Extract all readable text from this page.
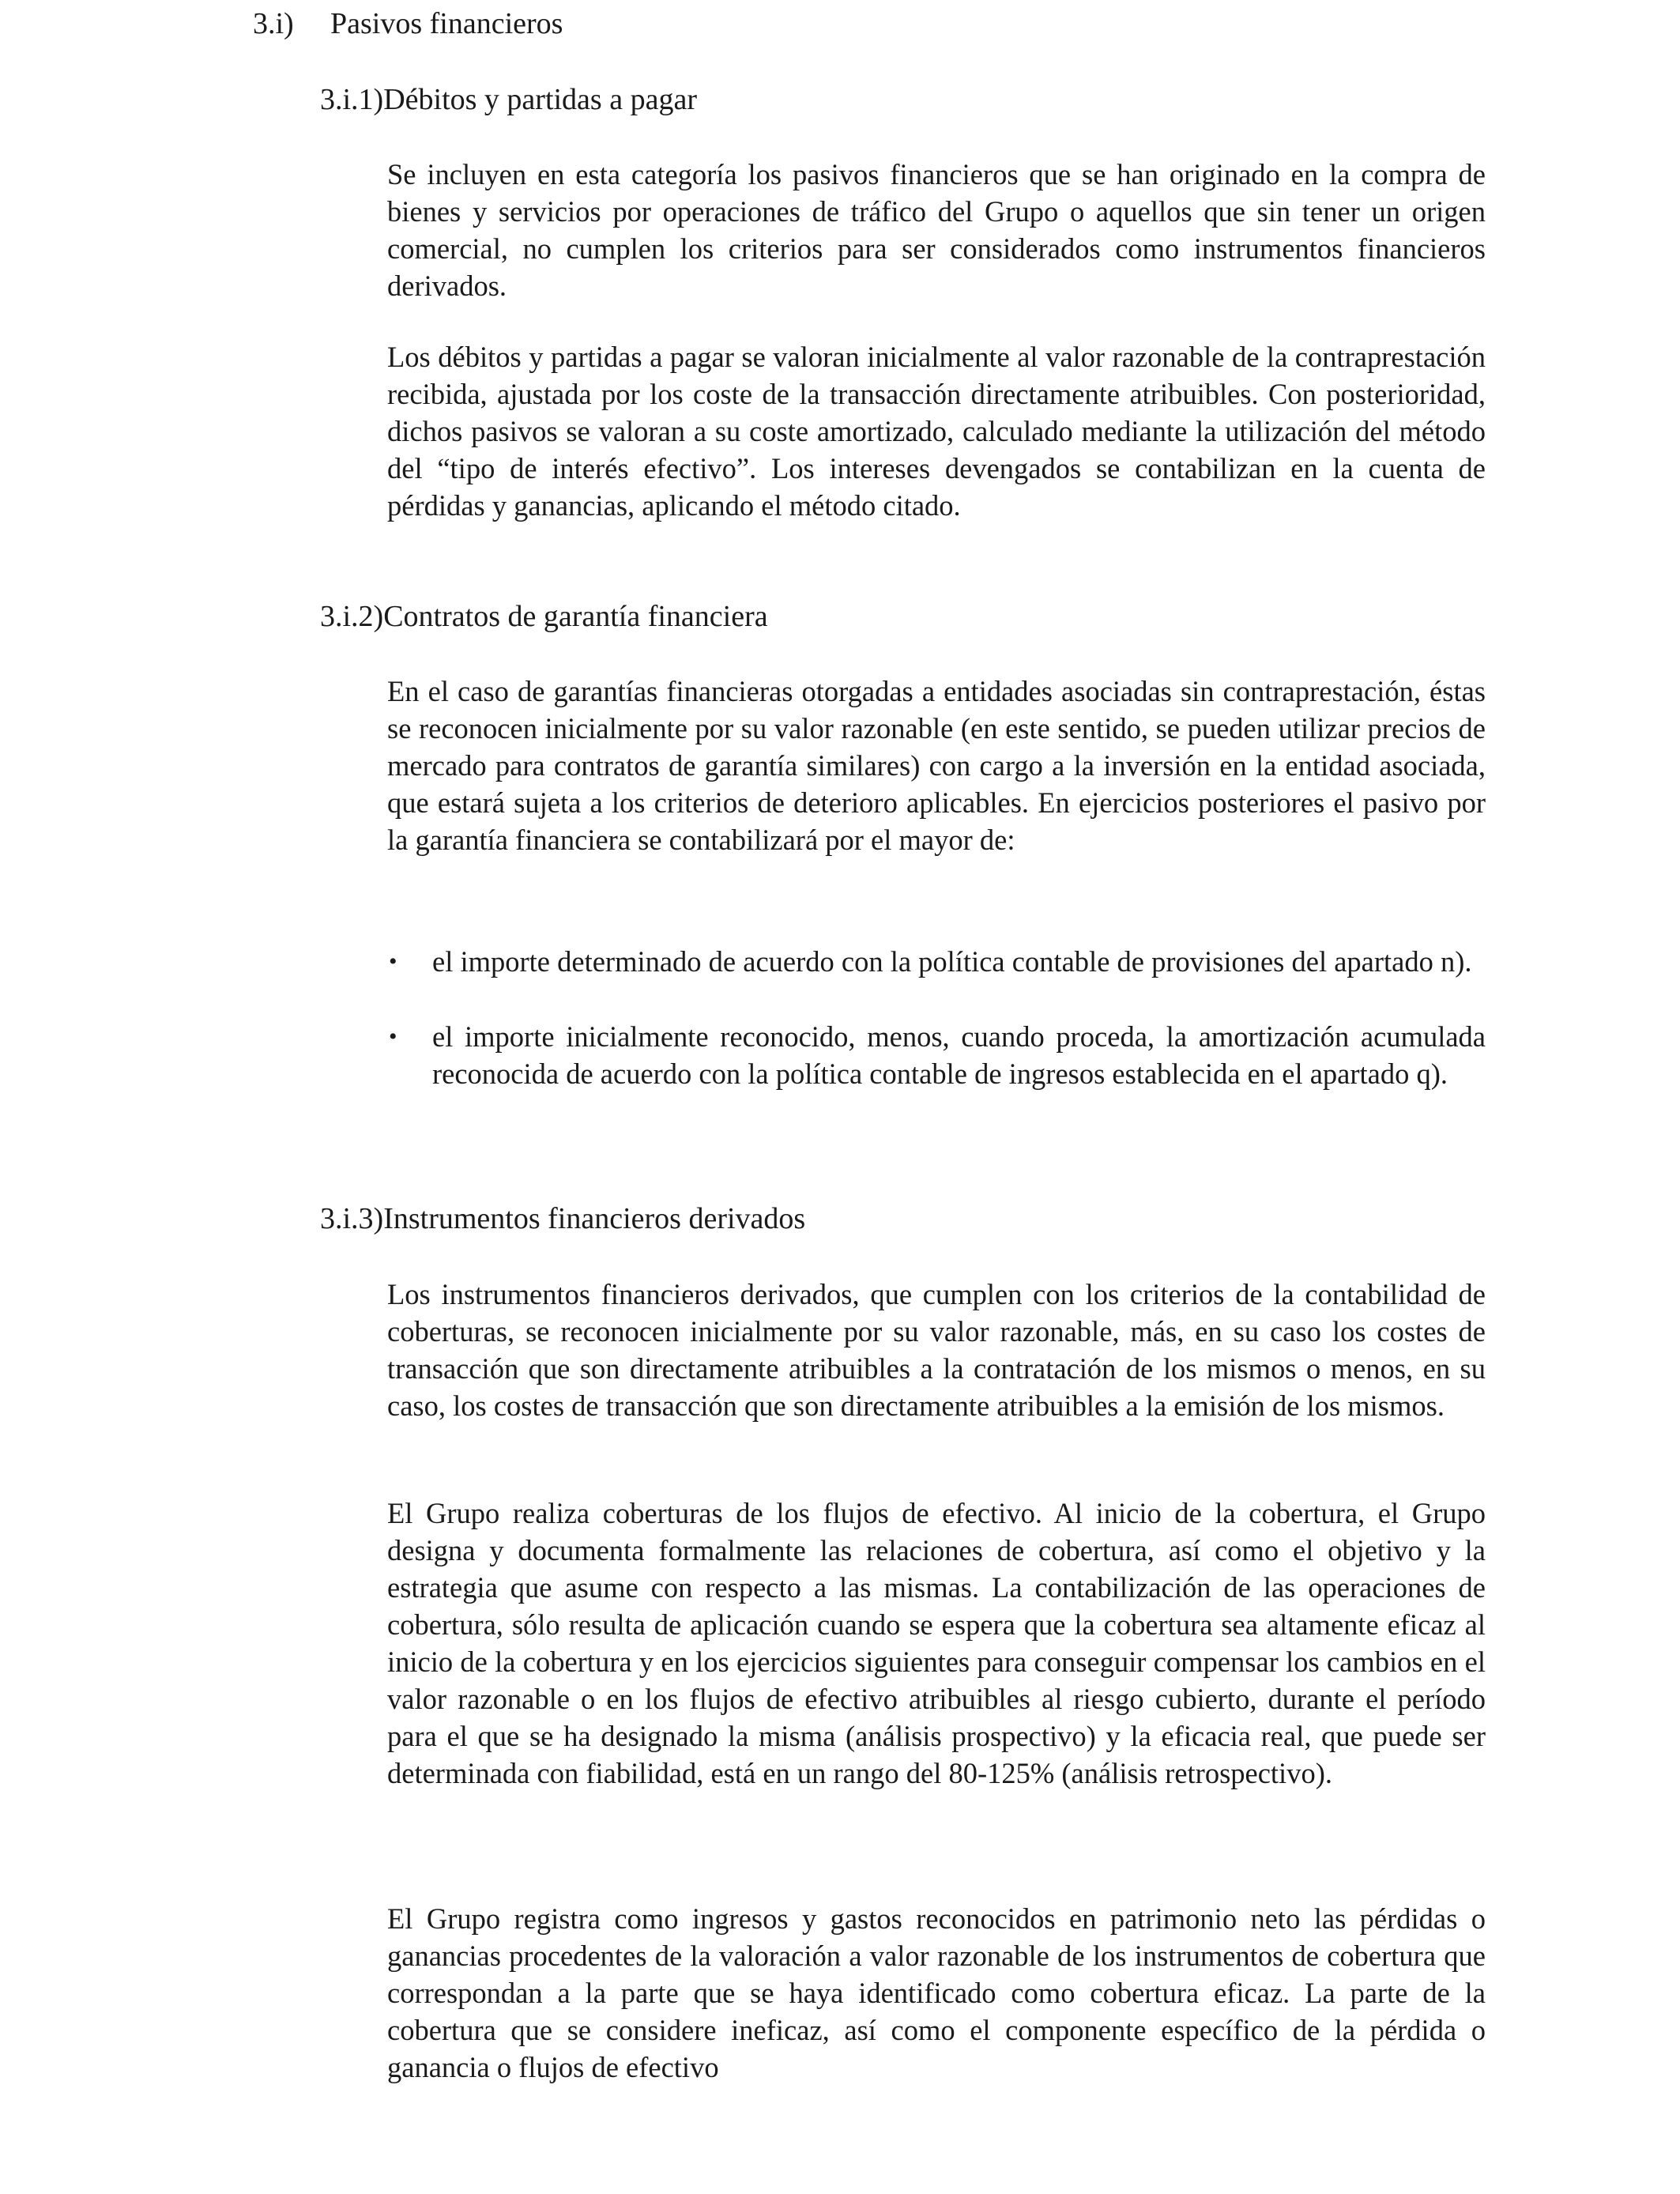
3.i) Pasivos financieros
3.i.1)Débitos y partidas a pagar

Se incluyen en esta categoría los pasivos financieros que se han originado en la compra de bienes y servicios por operaciones de tráfico del Grupo o aquellos que sin tener un origen comercial, no cumplen los criterios para ser considerados como instrumentos financieros derivados.

Los débitos y partidas a pagar se valoran inicialmente al valor razonable de la contraprestación recibida, ajustada por los coste de la transacción directamente atribuibles. Con posterioridad, dichos pasivos se valoran a su coste amortizado, calculado mediante la utilización del método del “tipo de interés efectivo”. Los intereses devengados se contabilizan en la cuenta de pérdidas y ganancias, aplicando el método citado.

3.i.2)Contratos de garantía financiera

En el caso de garantías financieras otorgadas a entidades asociadas sin contraprestación, éstas se reconocen inicialmente por su valor razonable (en este sentido, se pueden utilizar precios de mercado para contratos de garantía similares) con cargo a la inversión en la entidad asociada, que estará sujeta a los criterios de deterioro aplicables. En ejercicios posteriores el pasivo por la garantía financiera se contabilizará por el mayor de:

• el importe determinado de acuerdo con la política contable de provisiones del apartado n).
• el importe inicialmente reconocido, menos, cuando proceda, la amortización acumulada reconocida de acuerdo con la política contable de ingresos establecida en el apartado q).
3.i.3)Instrumentos financieros derivados

Los instrumentos financieros derivados, que cumplen con los criterios de la contabilidad de coberturas, se reconocen inicialmente por su valor razonable, más, en su caso los costes de transacción que son directamente atribuibles a la contratación de los mismos o menos, en su caso, los costes de transacción que son directamente atribuibles a la emisión de los mismos.

El Grupo realiza coberturas de los flujos de efectivo. Al inicio de la cobertura, el Grupo designa y documenta formalmente las relaciones de cobertura, así como el objetivo y la estrategia que asume con respecto a las mismas. La contabilización de las operaciones de cobertura, sólo resulta de aplicación cuando se espera que la cobertura sea altamente eficaz al inicio de la cobertura y en los ejercicios siguientes para conseguir compensar los cambios en el valor razonable o en los flujos de efectivo atribuibles al riesgo cubierto, durante el período para el que se ha designado la misma (análisis prospectivo) y la eficacia real, que puede ser determinada con fiabilidad, está en un rango del 80-125% (análisis retrospectivo).

El Grupo registra como ingresos y gastos reconocidos en patrimonio neto las pérdidas o ganancias procedentes de la valoración a valor razonable de los instrumentos de cobertura que correspondan a la parte que se haya identificado como cobertura eficaz. La parte de la cobertura que se considere ineficaz, así como el componente específico de la pérdida o ganancia o flujos de efectivo
